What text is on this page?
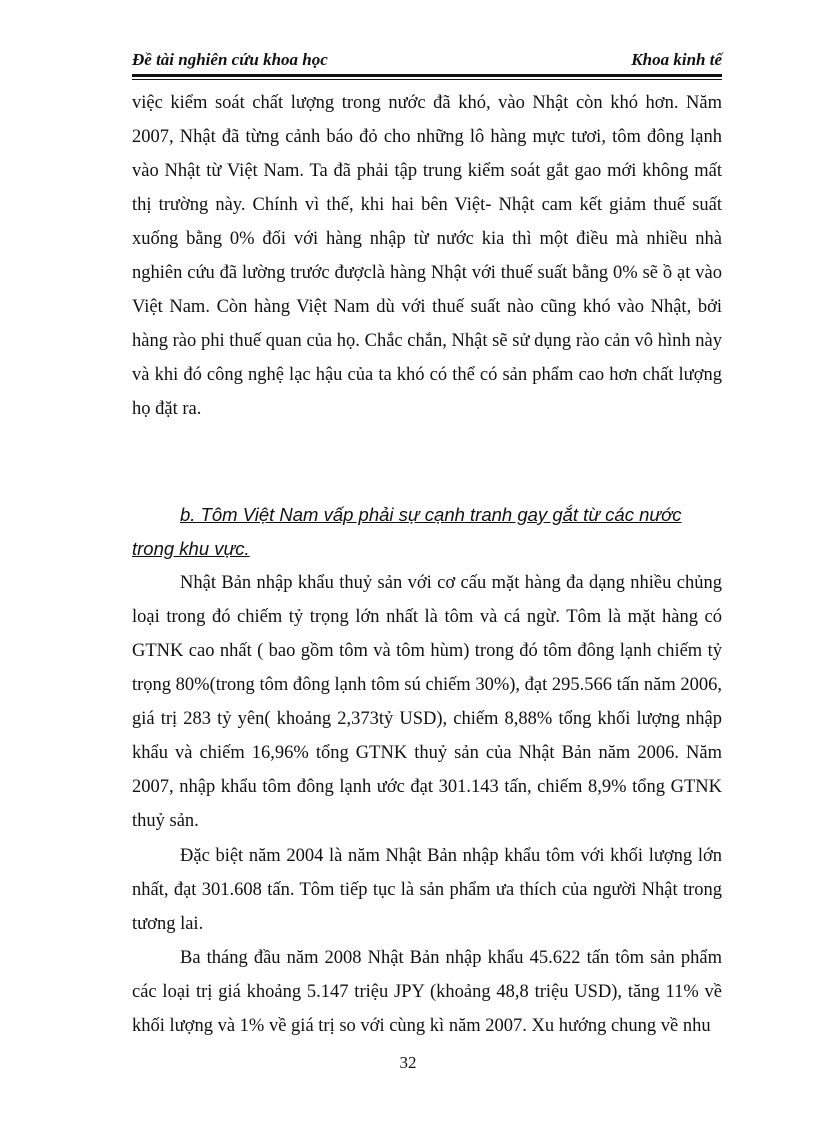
Đề tài nghiên cứu khoa học	Khoa kinh tế

việc kiểm soát chất lượng trong nước đã khó, vào Nhật còn khó hơn. Năm 2007, Nhật đã từng cảnh báo đỏ cho những lô hàng mực tươi, tôm đông lạnh vào Nhật từ Việt Nam. Ta đã phải tập trung kiểm soát gắt gao mới không mất thị trường này. Chính vì thế, khi hai bên Việt- Nhật cam kết giảm thuế suất xuống bằng 0% đối với hàng nhập từ nước kia thì một điều mà nhiều nhà nghiên cứu đã lường trước đượclà hàng Nhật với thuế suất bằng 0% sẽ ồ ạt vào Việt Nam. Còn hàng Việt Nam dù với thuế suất nào cũng khó vào Nhật, bởi hàng rào phi thuế quan của họ. Chắc chắn, Nhật sẽ sử dụng rào cản vô hình này và khi đó công nghệ lạc hậu của ta khó có thể có sản phẩm cao hơn chất lượng họ đặt ra.

b. Tôm Việt Nam vấp phải sự cạnh tranh gay gắt từ các nước trong khu vực.

Nhật Bản nhập khẩu thuỷ sản với cơ cấu mặt hàng đa dạng nhiều chủng loại trong đó chiếm tỷ trọng lớn nhất là tôm và cá ngừ. Tôm là mặt hàng có GTNK cao nhất ( bao gồm tôm và tôm hùm) trong đó tôm đông lạnh chiếm tỷ trọng 80%(trong tôm đông lạnh tôm sú chiếm 30%), đạt 295.566 tấn năm 2006, giá trị 283 tỷ yên( khoảng 2,373tỷ USD), chiếm 8,88% tổng khối lượng nhập khẩu và chiếm 16,96% tổng GTNK thuỷ sản của Nhật Bản năm 2006. Năm 2007, nhập khẩu tôm đông lạnh ước đạt 301.143 tấn, chiếm 8,9% tổng GTNK thuỷ sản.

Đặc biệt năm 2004 là năm Nhật Bản nhập khẩu tôm với khối lượng lớn nhất, đạt 301.608 tấn. Tôm tiếp tục là sản phẩm ưa thích của người Nhật trong tương lai.

Ba tháng đầu năm 2008 Nhật Bản nhập khẩu 45.622 tấn tôm sản phẩm các loại trị giá khoảng 5.147 triệu JPY (khoảng 48,8 triệu USD), tăng 11% về khối lượng và 1% về giá trị so với cùng kì năm 2007. Xu hướng chung về nhu

32
